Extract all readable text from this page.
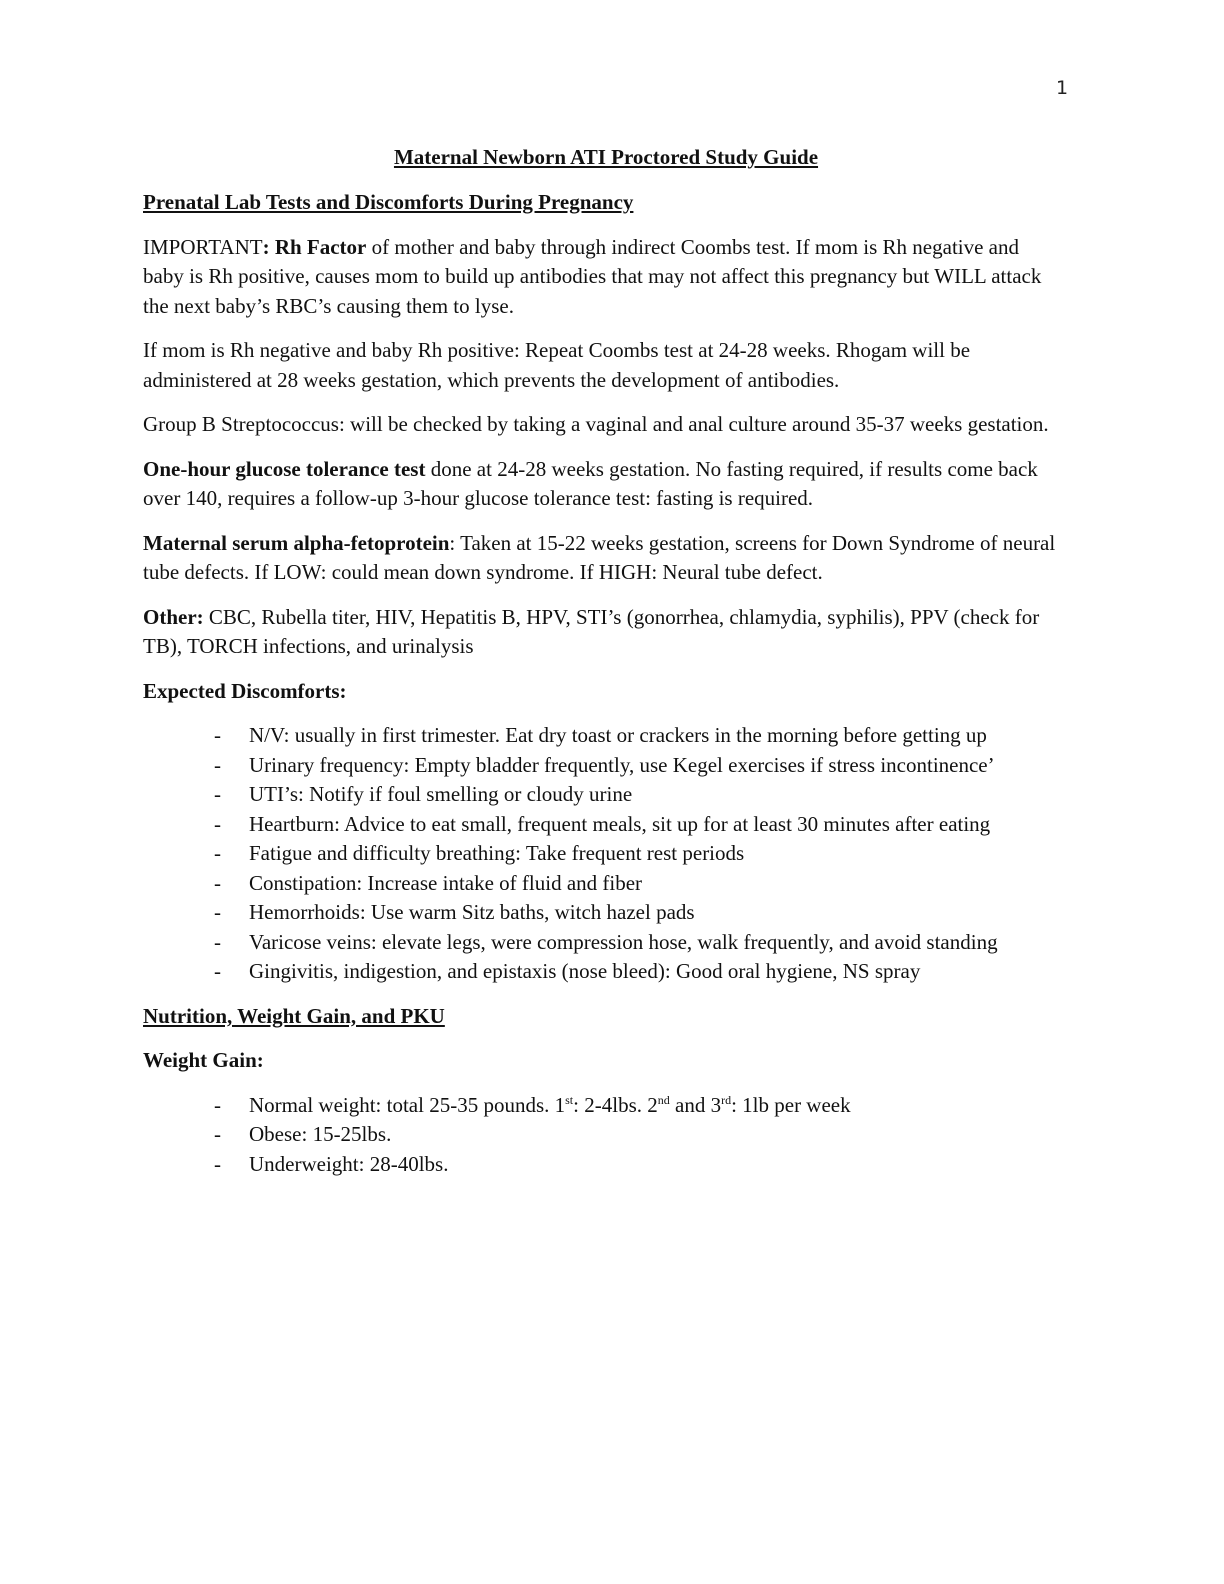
1
Maternal Newborn ATI Proctored Study Guide
Prenatal Lab Tests and Discomforts During Pregnancy

IMPORTANT: Rh Factor of mother and baby through indirect Coombs test. If mom is Rh negative and baby is Rh positive, causes mom to build up antibodies that may not affect this pregnancy but WILL attack the next baby’s RBC’s causing them to lyse.

If mom is Rh negative and baby Rh positive: Repeat Coombs test at 24-28 weeks. Rhogam will be administered at 28 weeks gestation, which prevents the development of antibodies.

Group B Streptococcus: will be checked by taking a vaginal and anal culture around 35-37 weeks gestation.

One-hour glucose tolerance test done at 24-28 weeks gestation. No fasting required, if results come back over 140, requires a follow-up 3-hour glucose tolerance test: fasting is required.

Maternal serum alpha-fetoprotein: Taken at 15-22 weeks gestation, screens for Down Syndrome of neural tube defects. If LOW: could mean down syndrome. If HIGH: Neural tube defect.

Other: CBC, Rubella titer, HIV, Hepatitis B, HPV, STI’s (gonorrhea, chlamydia, syphilis), PPV (check for TB), TORCH infections, and urinalysis

Expected Discomforts:
- N/V: usually in first trimester. Eat dry toast or crackers in the morning before getting up
- Urinary frequency: Empty bladder frequently, use Kegel exercises if stress incontinence’
- UTI’s: Notify if foul smelling or cloudy urine
- Heartburn: Advice to eat small, frequent meals, sit up for at least 30 minutes after eating
- Fatigue and difficulty breathing: Take frequent rest periods
- Constipation: Increase intake of fluid and fiber
- Hemorrhoids: Use warm Sitz baths, witch hazel pads
- Varicose veins: elevate legs, were compression hose, walk frequently, and avoid standing
- Gingivitis, indigestion, and epistaxis (nose bleed): Good oral hygiene, NS spray
Nutrition, Weight Gain, and PKU
Weight Gain:
- Normal weight: total 25-35 pounds. 1st: 2-4lbs. 2nd and 3rd: 1lb per week
- Obese: 15-25lbs.
- Underweight: 28-40lbs.
